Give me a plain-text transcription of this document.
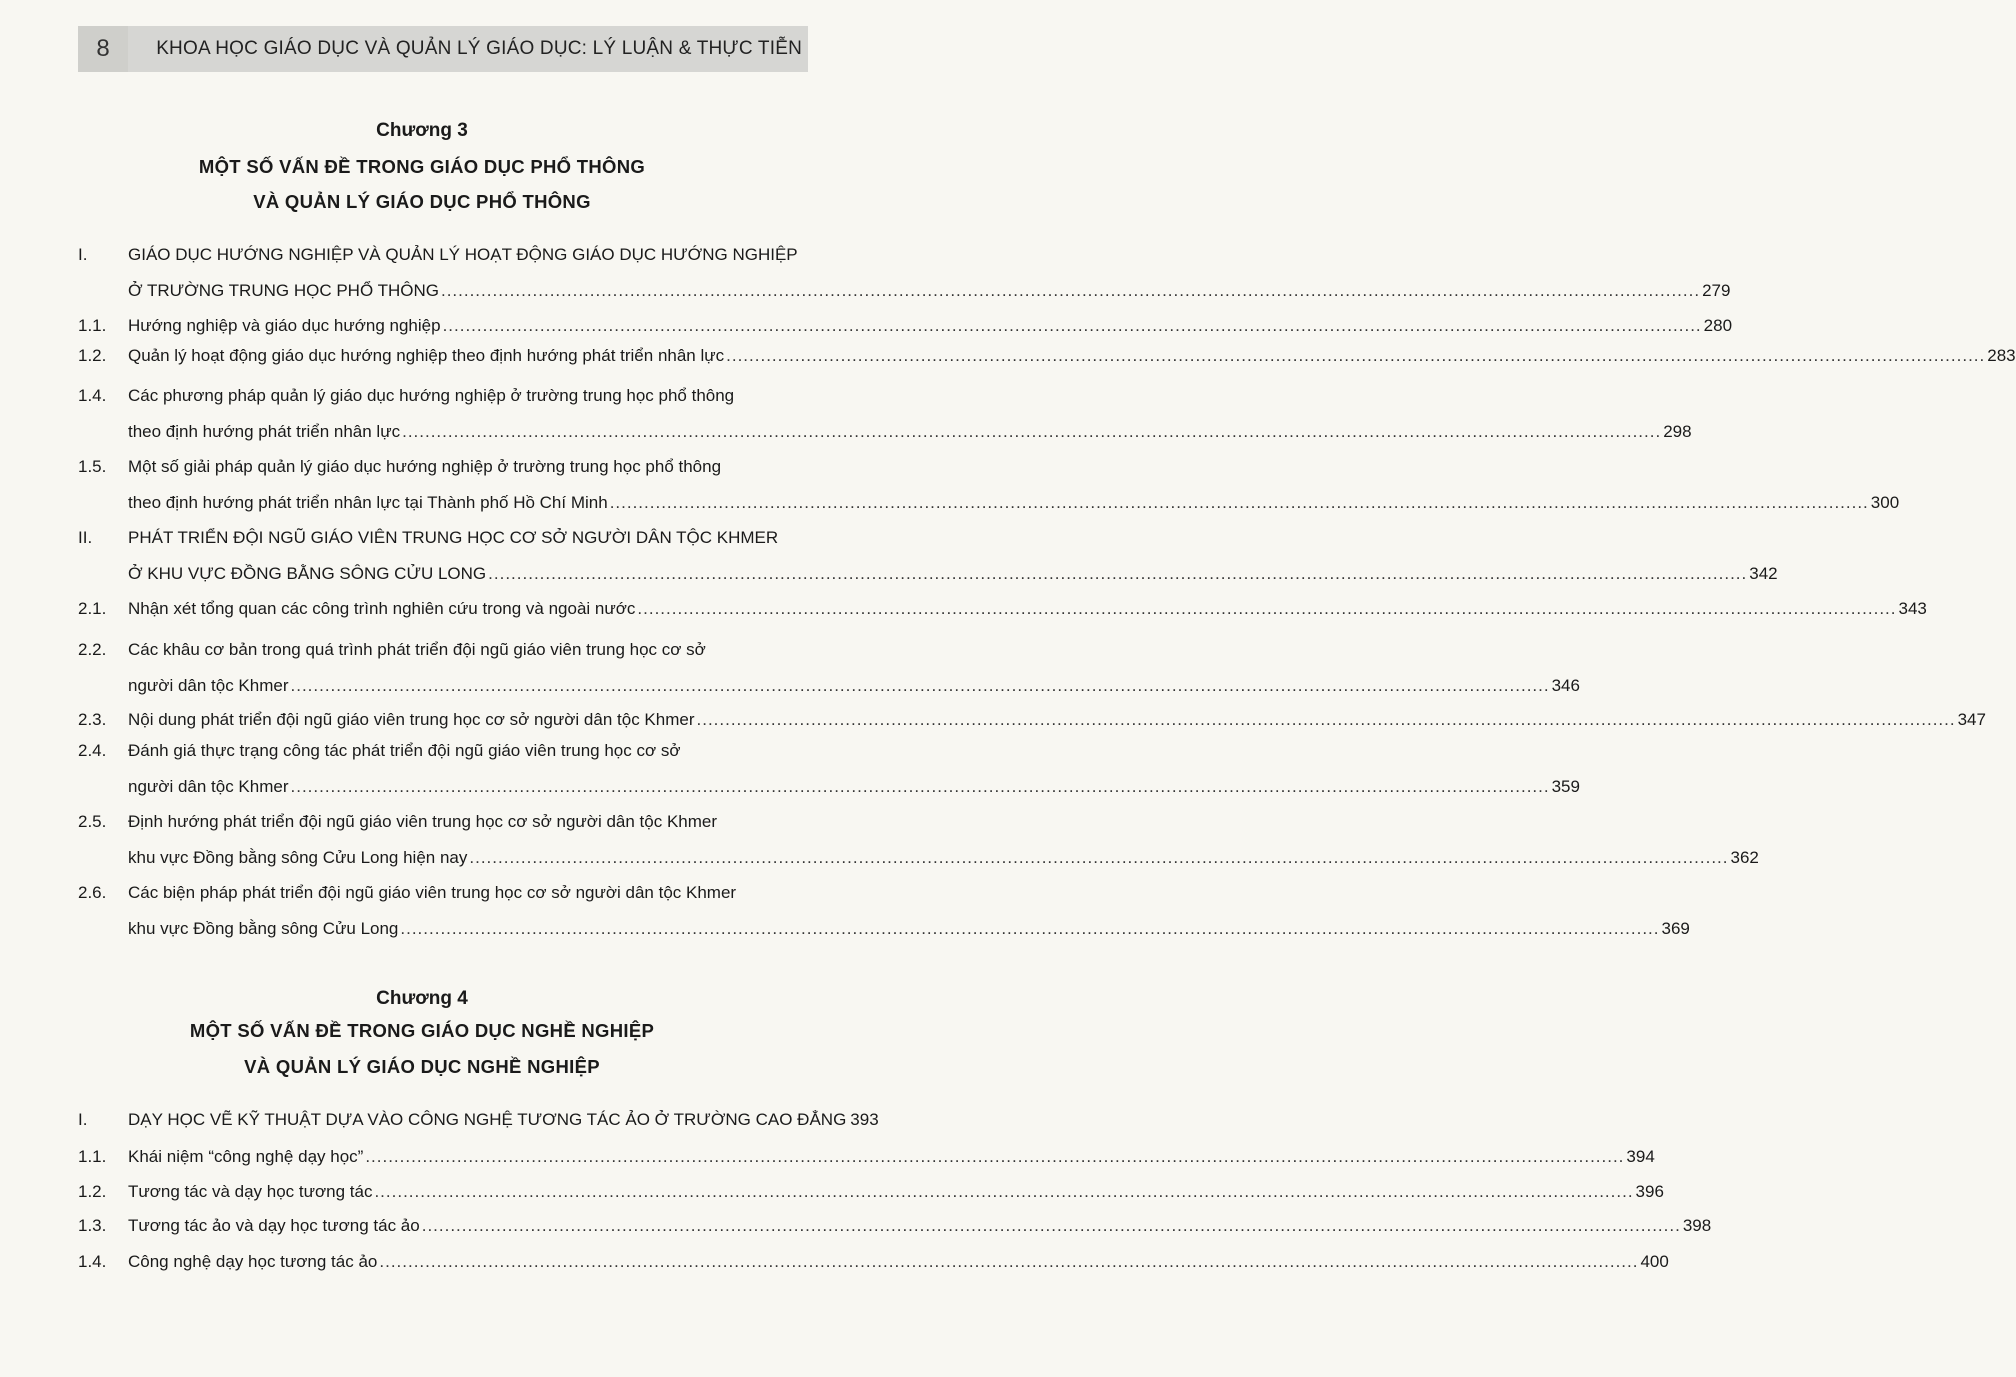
8	KHOA HỌC GIÁO DỤC VÀ QUẢN LÝ GIÁO DỤC: LÝ LUẬN & THỰC TIỄN
Chương 3
MỘT SỐ VẤN ĐỀ TRONG GIÁO DỤC PHỔ THÔNG
VÀ QUẢN LÝ GIÁO DỤC PHỔ THÔNG
I. GIÁO DỤC HƯỚNG NGHIỆP VÀ QUẢN LÝ HOẠT ĐỘNG GIÁO DỤC HƯỚNG NGHIỆP
Ở TRƯỜNG TRUNG HỌC PHỔ THÔNG .....	279
1.1. Hướng nghiệp và giáo dục hướng nghiệp .....	280
1.2. Quản lý hoạt động giáo dục hướng nghiệp theo định hướng phát triển nhân lực .....	283
1.4. Các phương pháp quản lý giáo dục hướng nghiệp ở trường trung học phổ thông
theo định hướng phát triển nhân lực .....	298
1.5. Một số giải pháp quản lý giáo dục hướng nghiệp ở trường trung học phổ thông
theo định hướng phát triển nhân lực tại Thành phố Hồ Chí Minh .....	300
II. PHÁT TRIỂN ĐỘI NGŨ GIÁO VIÊN TRUNG HỌC CƠ SỞ NGƯỜI DÂN TỘC KHMER
Ở KHU VỰC ĐỒNG BẰNG SÔNG CỬU LONG .....	342
2.1. Nhận xét tổng quan các công trình nghiên cứu trong và ngoài nước .....	343
2.2. Các khâu cơ bản trong quá trình phát triển đội ngũ giáo viên trung học cơ sở
người dân tộc Khmer .....	346
2.3. Nội dung phát triển đội ngũ giáo viên trung học cơ sở người dân tộc Khmer .....	347
2.4. Đánh giá thực trạng công tác phát triển đội ngũ giáo viên trung học cơ sở
người dân tộc Khmer .....	359
2.5. Định hướng phát triển đội ngũ giáo viên trung học cơ sở người dân tộc Khmer
khu vực Đồng bằng sông Cửu Long hiện nay .....	362
2.6. Các biện pháp phát triển đội ngũ giáo viên trung học cơ sở người dân tộc Khmer
khu vực Đồng bằng sông Cửu Long .....	369
Chương 4
MỘT SỐ VẤN ĐỀ TRONG GIÁO DỤC NGHỀ NGHIỆP
VÀ QUẢN LÝ GIÁO DỤC NGHỀ NGHIỆP
I. DẠY HỌC VẼ KỸ THUẬT DỰA VÀO CÔNG NGHỆ TƯƠNG TÁC ẢO Ở TRƯỜNG CAO ĐẲNG 393
1.1. Khái niệm “công nghệ dạy học” .....	394
1.2. Tương tác và dạy học tương tác .....	396
1.3. Tương tác ảo và dạy học tương tác ảo .....	398
1.4. Công nghệ dạy học tương tác ảo .....	400
